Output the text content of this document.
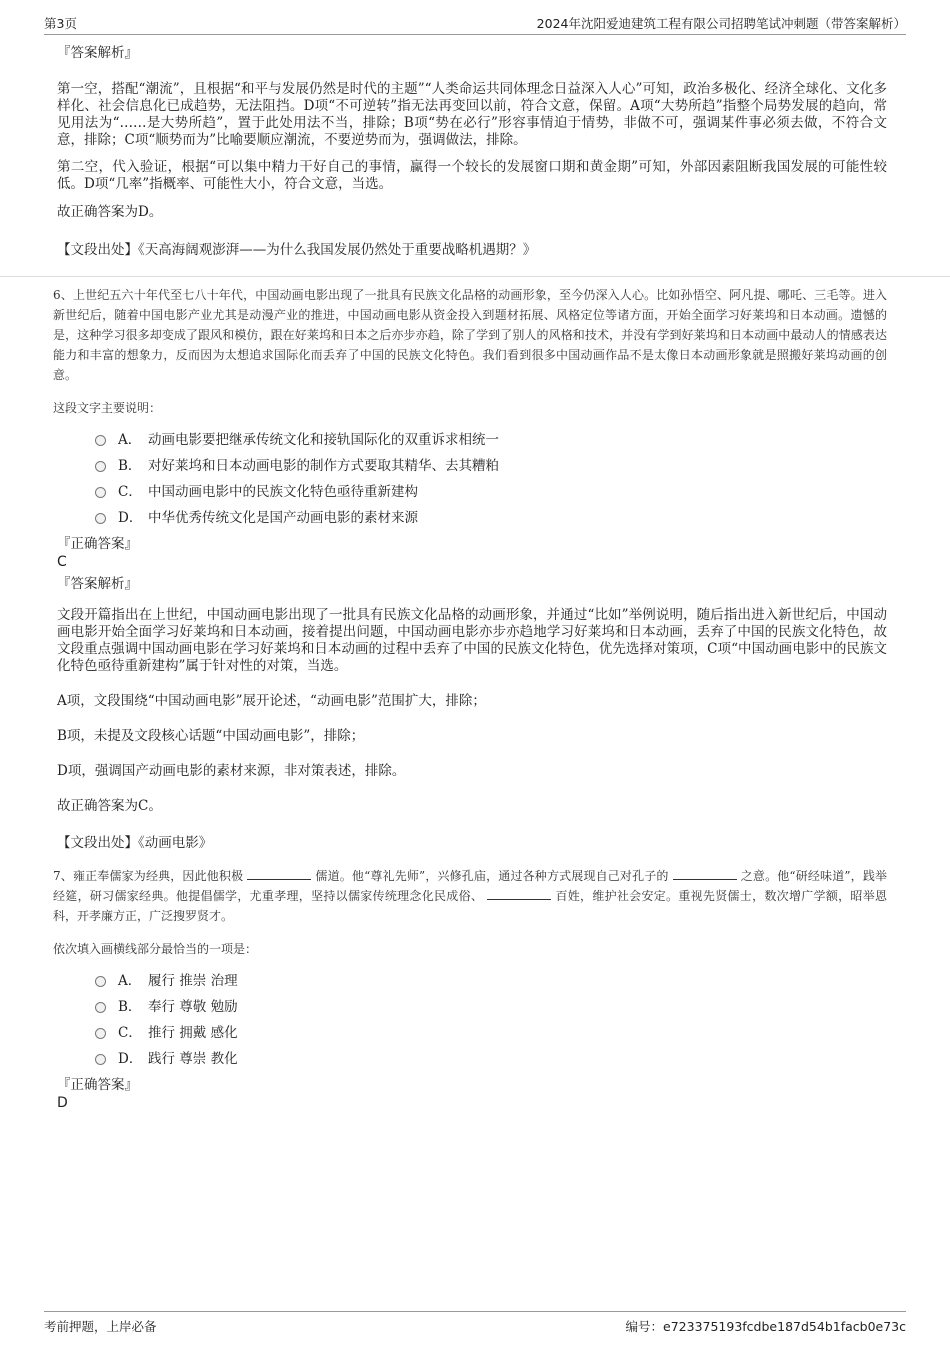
第3页	2024年沈阳爱迪建筑工程有限公司招聘笔试冲刺题（带答案解析）

『答案解析』

第一空，搭配“潮流”，且根据“和平与发展仍然是时代的主题”“人类命运共同体理念日益深入人心”可知，政治多极化、经济全球化、文化多样化、社会信息化已成趋势，无法阻挡。D项“不可逆转”指无法再变回以前，符合文意，保留。A项“大势所趋”指整个局势发展的趋向，常见用法为“……是大势所趋”，置于此处用法不当，排除；B项“势在必行”形容事情迫于情势，非做不可，强调某件事必须去做，不符合文意，排除；C项“顺势而为”比喻要顺应潮流，不要逆势而为，强调做法，排除。

第二空，代入验证，根据“可以集中精力干好自己的事情，赢得一个较长的发展窗口期和黄金期”可知，外部因素阻断我国发展的可能性较低。D项“几率”指概率、可能性大小，符合文意，当选。

故正确答案为D。

【文段出处】《天高海阔观澎湃——为什么我国发展仍然处于重要战略机遇期？》

6、上世纪五六十年代至七八十年代，中国动画电影出现了一批具有民族文化品格的动画形象，至今仍深入人心。比如孙悟空、阿凡提、哪吒、三毛等。进入新世纪后，随着中国电影产业尤其是动漫产业的推进，中国动画电影从资金投入到题材拓展、风格定位等诸方面，开始全面学习好莱坞和日本动画。遗憾的是，这种学习很多却变成了跟风和模仿，跟在好莱坞和日本之后亦步亦趋，除了学到了别人的风格和技术，并没有学到好莱坞和日本动画中最动人的情感表达能力和丰富的想象力，反而因为太想追求国际化而丢弃了中国的民族文化特色。我们看到很多中国动画作品不是太像日本动画形象就是照搬好莱坞动画的创意。

这段文字主要说明：

A． 动画电影要把继承传统文化和接轨国际化的双重诉求相统一
B． 对好莱坞和日本动画电影的制作方式要取其精华、去其糟粕
C． 中国动画电影中的民族文化特色亟待重新建构
D． 中华优秀传统文化是国产动画电影的素材来源

『正确答案』

C

『答案解析』

文段开篇指出在上世纪，中国动画电影出现了一批具有民族文化品格的动画形象，并通过“比如”举例说明，随后指出进入新世纪后，中国动画电影开始全面学习好莱坞和日本动画，接着提出问题，中国动画电影亦步亦趋地学习好莱坞和日本动画，丢弃了中国的民族文化特色，故文段重点强调中国动画电影在学习好莱坞和日本动画的过程中丢弃了中国的民族文化特色，优先选择对策项，C项“中国动画电影中的民族文化特色亟待重新建构”属于针对性的对策，当选。

A项，文段围绕“中国动画电影”展开论述，“动画电影”范围扩大，排除；

B项，未提及文段核心话题“中国动画电影”，排除；

D项，强调国产动画电影的素材来源，非对策表述，排除。

故正确答案为C。

【文段出处】《动画电影》

7、雍正奉儒家为经典，因此他积极	儒道。他“尊礼先师”，兴修孔庙，通过各种方式展现自己对孔子的	之意。他“研经味道”，践举经筵，研习儒家经典。他提倡儒学，尤重孝理，坚持以儒家传统理念化民成俗、	百姓，维护社会安定。重视先贤儒士，数次增广学额，昭举恩科，开孝廉方正，广泛搜罗贤才。

依次填入画横线部分最恰当的一项是：

A． 履行 推崇 治理
B． 奉行 尊敬 勉励
C． 推行 拥戴 感化
D． 践行 尊崇 教化

『正确答案』

D

考前押题，上岸必备	编号：e723375193fcdbe187d54b1facb0e73c
